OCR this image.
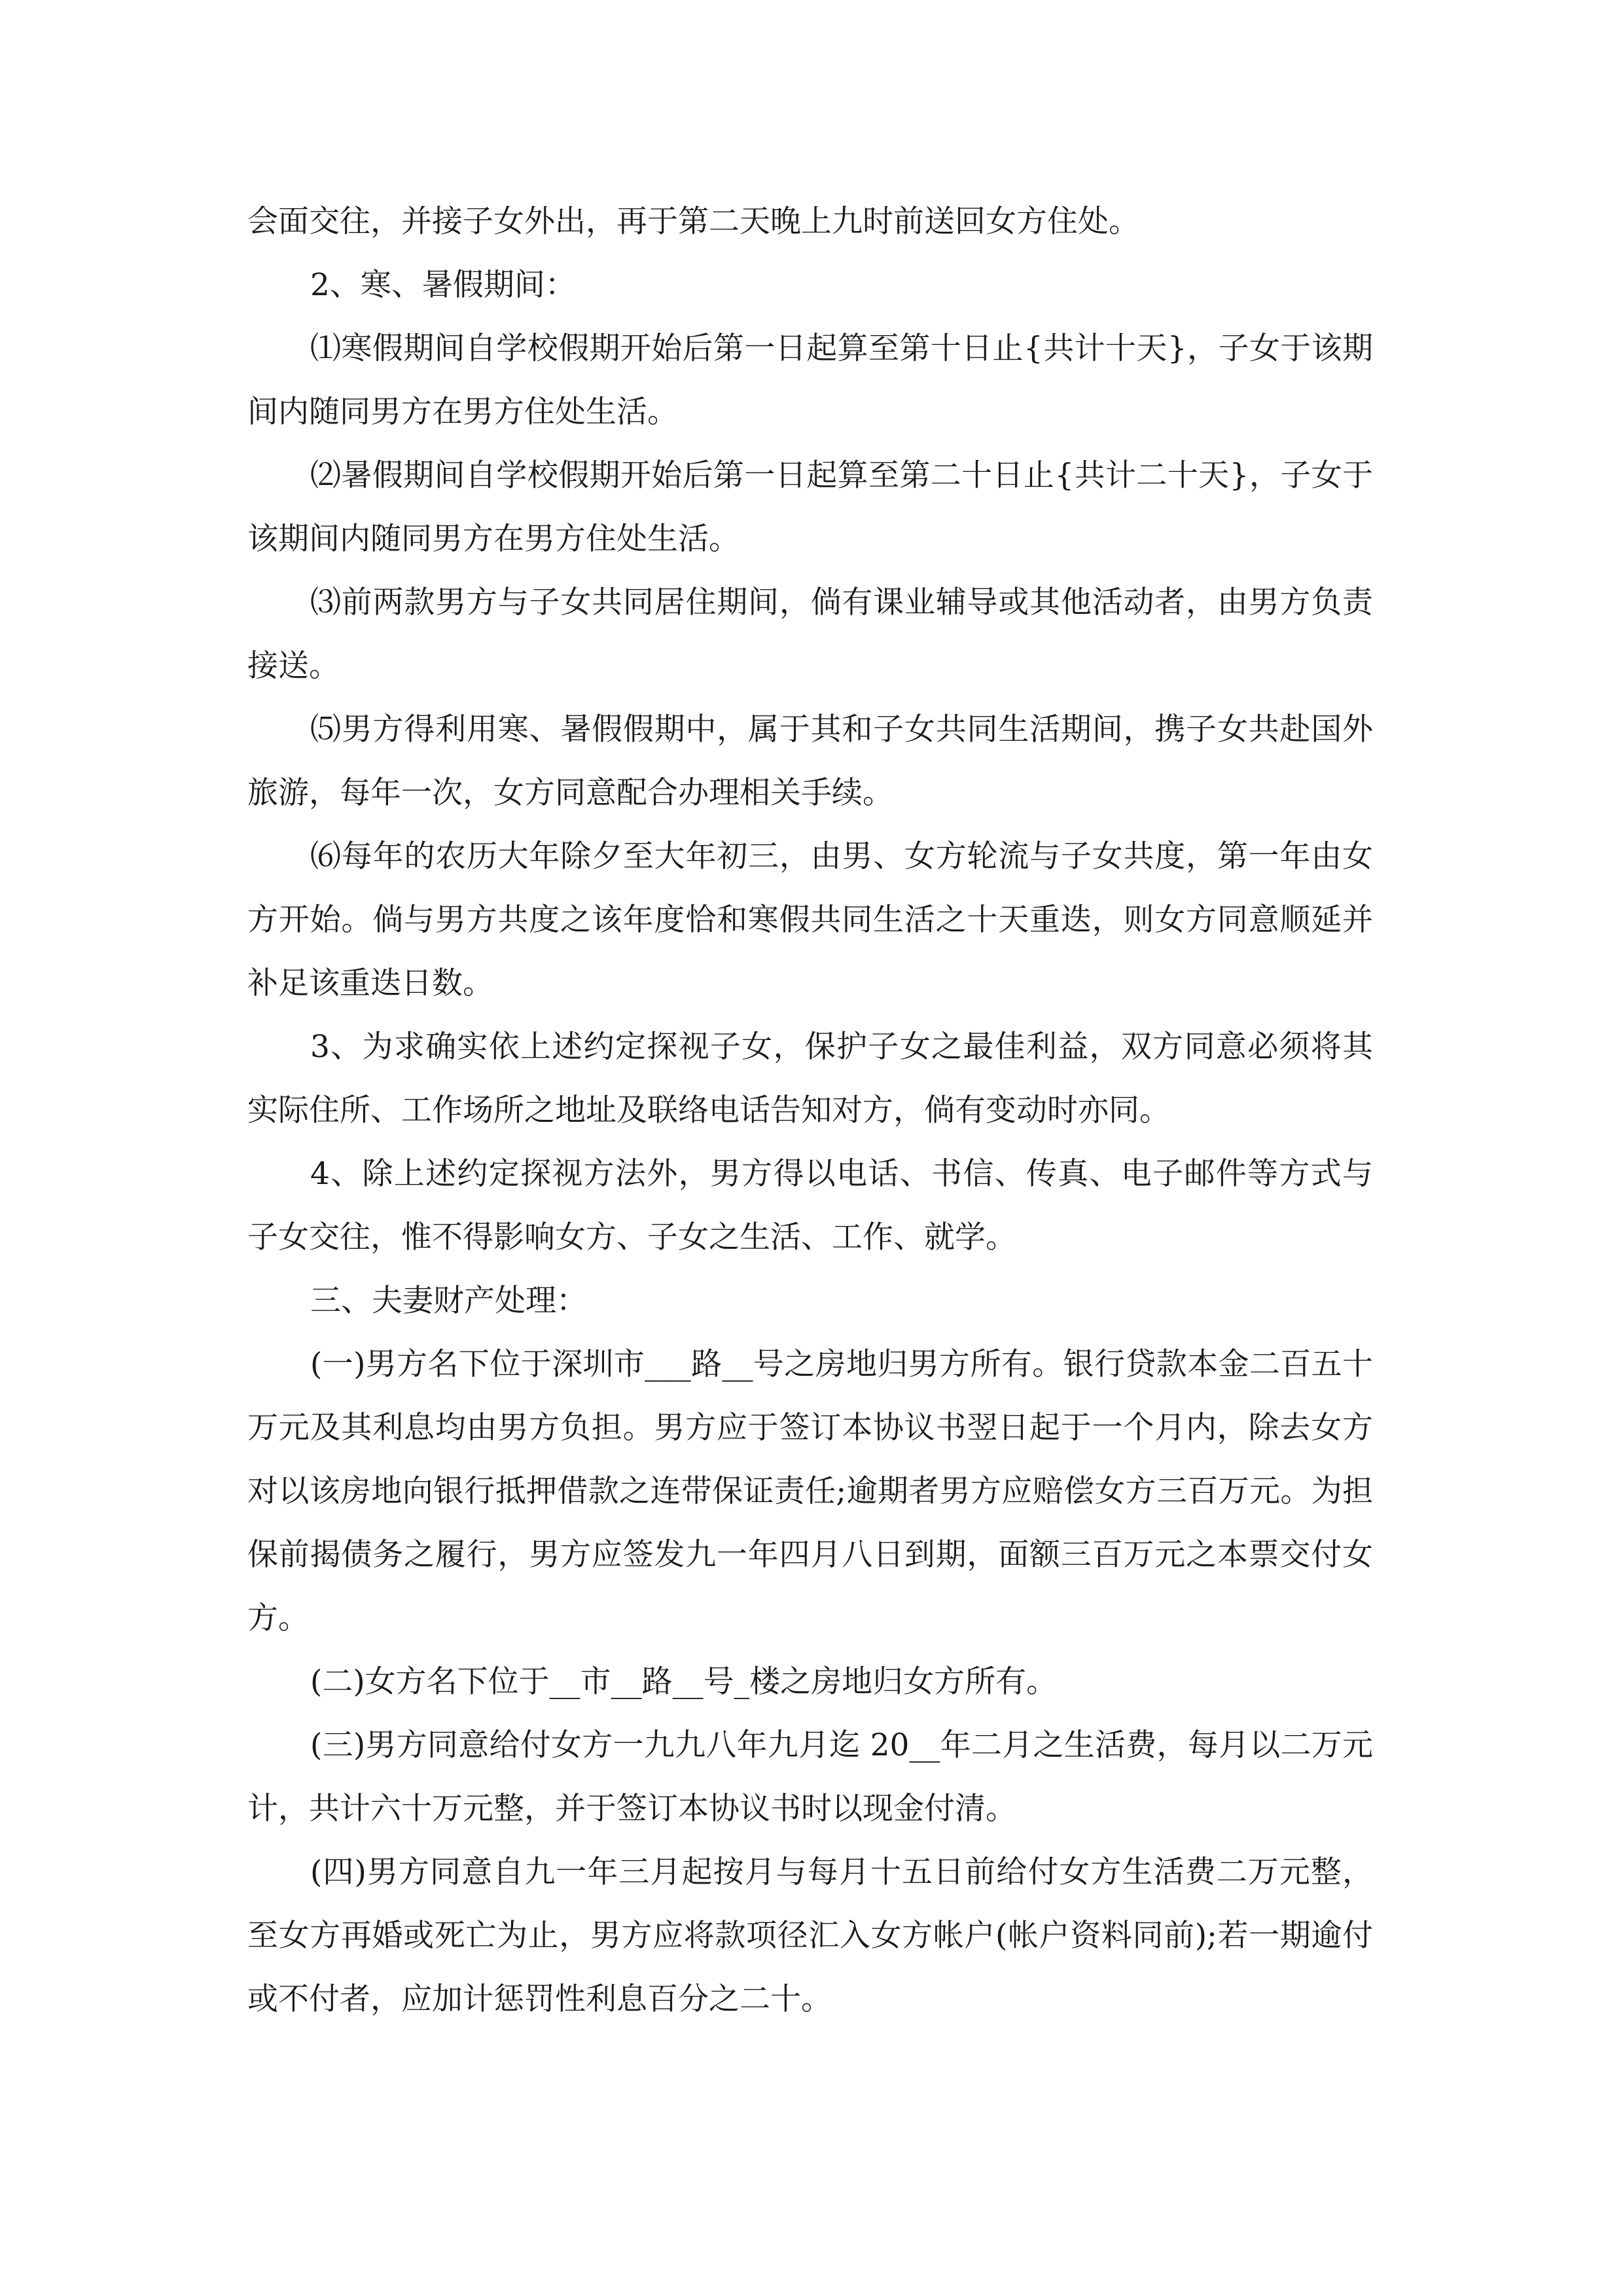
会面交往，并接子女外出，再于第二天晚上九时前送回女方住处。

2、寒、暑假期间：

⑴寒假期间自学校假期开始后第一日起算至第十日止{共计十天}，子女于该期间内随同男方在男方住处生活。

⑵暑假期间自学校假期开始后第一日起算至第二十日止{共计二十天}，子女于该期间内随同男方在男方住处生活。

⑶前两款男方与子女共同居住期间，倘有课业辅导或其他活动者，由男方负责接送。

⑸男方得利用寒、暑假假期中，属于其和子女共同生活期间，携子女共赴国外旅游，每年一次，女方同意配合办理相关手续。

⑹每年的农历大年除夕至大年初三，由男、女方轮流与子女共度，第一年由女方开始。倘与男方共度之该年度恰和寒假共同生活之十天重迭，则女方同意顺延并补足该重迭日数。

3、为求确实依上述约定探视子女，保护子女之最佳利益，双方同意必须将其实际住所、工作场所之地址及联络电话告知对方，倘有变动时亦同。

4、除上述约定探视方法外，男方得以电话、书信、传真、电子邮件等方式与子女交往，惟不得影响女方、子女之生活、工作、就学。

三、夫妻财产处理：

(一)男方名下位于深圳市___路__号之房地归男方所有。银行贷款本金二百五十万元及其利息均由男方负担。男方应于签订本协议书翌日起于一个月内，除去女方对以该房地向银行抵押借款之连带保证责任;逾期者男方应赔偿女方三百万元。为担保前揭债务之履行，男方应签发九一年四月八日到期，面额三百万元之本票交付女方。

(二)女方名下位于__市__路__号_楼之房地归女方所有。

(三)男方同意给付女方一九九八年九月迄 20__年二月之生活费，每月以二万元计，共计六十万元整，并于签订本协议书时以现金付清。

(四)男方同意自九一年三月起按月与每月十五日前给付女方生活费二万元整，至女方再婚或死亡为止，男方应将款项径汇入女方帐户(帐户资料同前);若一期逾付或不付者，应加计惩罚性利息百分之二十。
